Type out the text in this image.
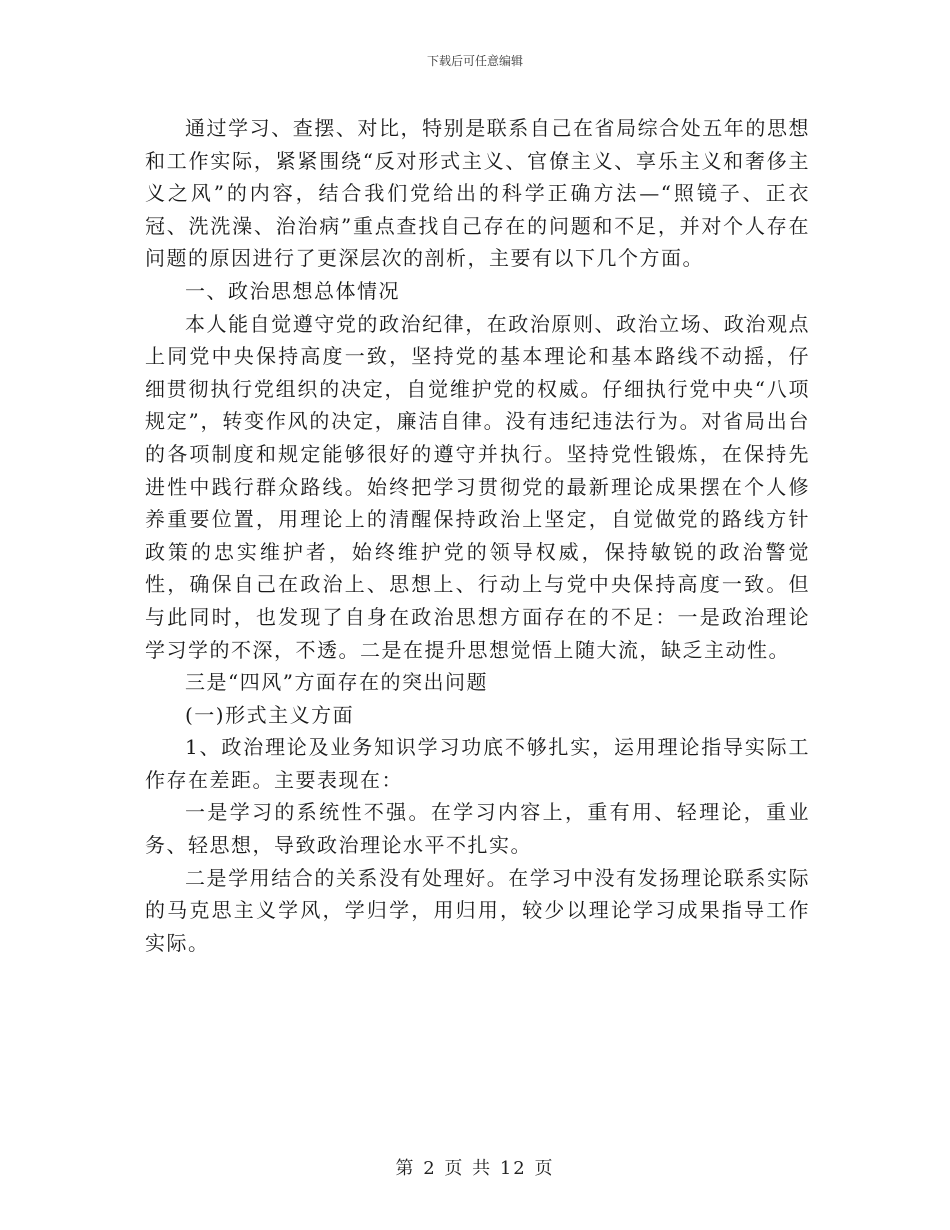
下载后可任意编辑

通过学习、查摆、对比，特别是联系自己在省局综合处五年的思想和工作实际，紧紧围绕“反对形式主义、官僚主义、享乐主义和奢侈主义之风”的内容，结合我们党给出的科学正确方法—“照镜子、正衣冠、洗洗澡、治治病”重点查找自己存在的问题和不足，并对个人存在问题的原因进行了更深层次的剖析，主要有以下几个方面。

一、政治思想总体情况

本人能自觉遵守党的政治纪律，在政治原则、政治立场、政治观点上同党中央保持高度一致，坚持党的基本理论和基本路线不动摇，仔细贯彻执行党组织的决定，自觉维护党的权威。仔细执行党中央“八项规定”，转变作风的决定，廉洁自律。没有违纪违法行为。对省局出台的各项制度和规定能够很好的遵守并执行。坚持党性锻炼，在保持先进性中践行群众路线。始终把学习贯彻党的最新理论成果摆在个人修养重要位置，用理论上的清醒保持政治上坚定，自觉做党的路线方针政策的忠实维护者，始终维护党的领导权威，保持敏锐的政治警觉性，确保自己在政治上、思想上、行动上与党中央保持高度一致。但与此同时，也发现了自身在政治思想方面存在的不足：一是政治理论学习学的不深，不透。二是在提升思想觉悟上随大流，缺乏主动性。

三是“四风”方面存在的突出问题

(一)形式主义方面

1、政治理论及业务知识学习功底不够扎实，运用理论指导实际工作存在差距。主要表现在：

一是学习的系统性不强。在学习内容上，重有用、轻理论，重业务、轻思想，导致政治理论水平不扎实。

二是学用结合的关系没有处理好。在学习中没有发扬理论联系实际的马克思主义学风，学归学，用归用，较少以理论学习成果指导工作实际。

第 2 页 共 12 页
